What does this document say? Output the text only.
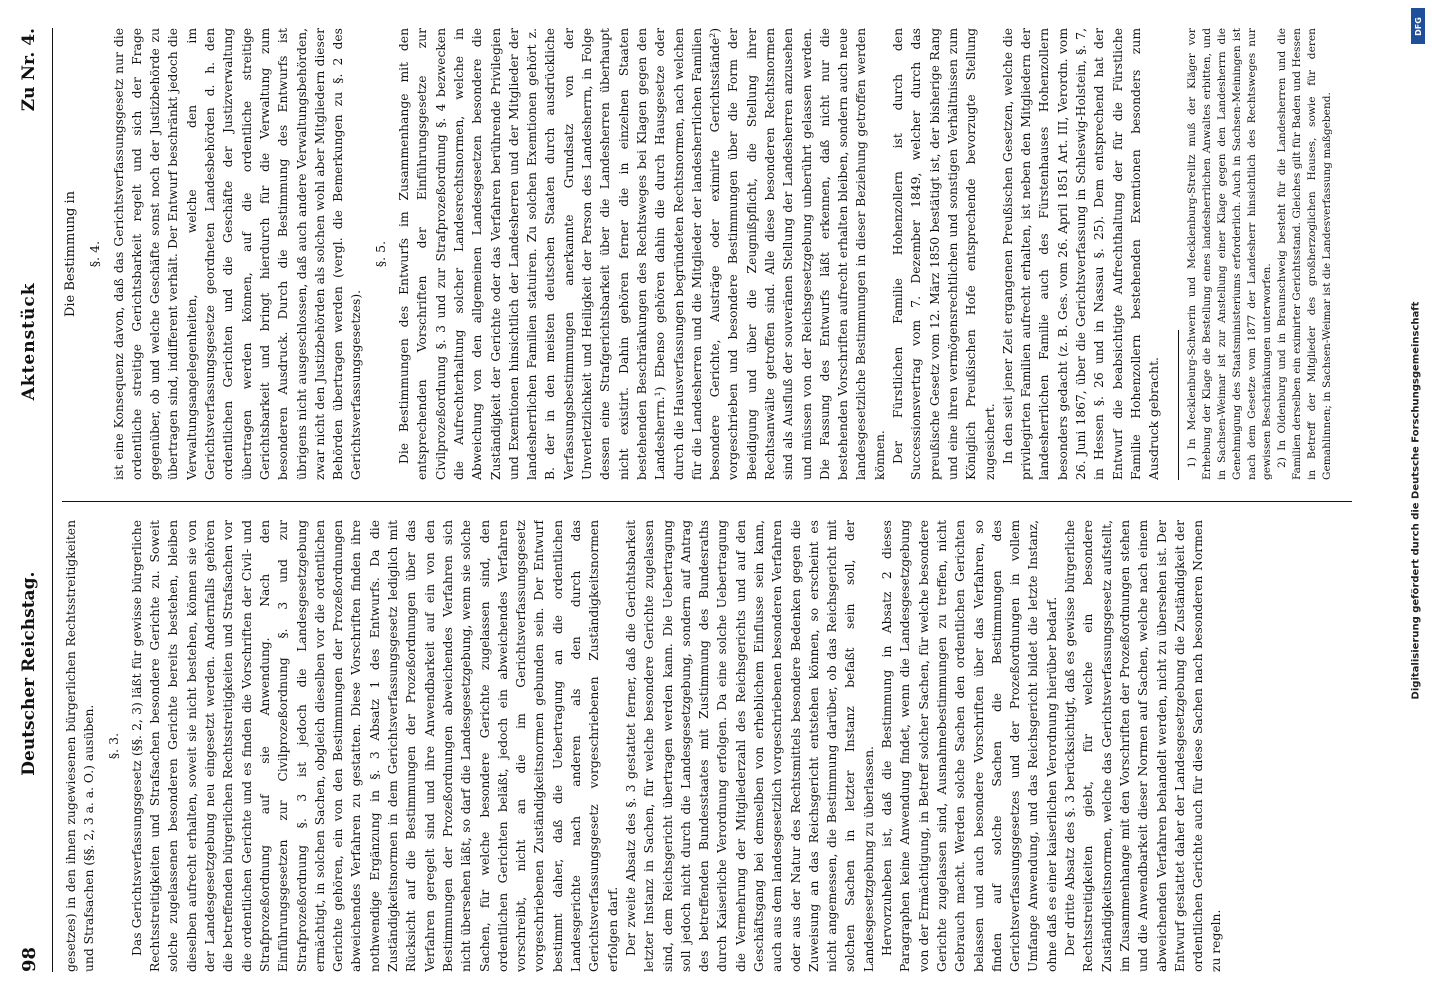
98
Deutscher Reichstag.
Aktenstück
Zu Nr. 4.

gesetzes) in den ihnen zugewiesenen bürgerlichen Rechtsstreitigkeiten und Strafsachen (§§. 2, 3 a. a. O.) ausüben. §. 3. Das Gerichtsverfassungsgesetz (§§. 2, 3) läßt für gewisse bürgerliche Rechtsstreitigkeiten und Strafsachen besondere Gerichte zu. Soweit solche zugelassenen besonderen Gerichte bereits bestehen, bleiben dieselben aufrecht erhalten, soweit sie nicht bestehen, können sie von der Landesgesetzgebung neu eingesetzt werden. Andernfalls gehören die betreffenden bürgerlichen Rechtsstreitigkeiten und Strafsachen vor die ordentlichen Gerichte und es finden die Vorschriften der Civil- und Strafprozeßordnung auf sie Anwendung. Nach den Einführungsgesetzen zur Civilprozeßordnung §. 3 und zur Strafprozeßordnung §. 3 ist jedoch die Landesgesetzgebung ermächtigt, in solchen Sachen, obgleich dieselben vor die ordentlichen Gerichte gehören, ein von den Bestimmungen der Prozeßordnungen abweichendes Verfahren zu gestatten. Diese Vorschriften finden ihre nothwendige Ergänzung in §. 3 Absatz 1 des Entwurfs. Da die Zuständigkeitsnormen in dem Gerichtsverfassungsgesetz lediglich mit Rücksicht auf die Bestimmungen der Prozeßordnungen über das Verfahren geregelt sind und ihre Anwendbarkeit auf ein von den Bestimmungen der Prozeßordnungen abweichendes Verfahren sich nicht übersehen läßt, so darf die Landesgesetzgebung, wenn sie solche Sachen, für welche besondere Gerichte zugelassen sind, den ordentlichen Gerichten beläßt, jedoch ein abweichendes Verfahren vorschreibt, nicht an die im Gerichtsverfassungsgesetz vorgeschriebenen Zuständigkeitsnormen gebunden sein. Der Entwurf bestimmt daher, daß die Uebertragung an die ordentlichen Landesgerichte nach anderen als den durch das Gerichtsverfassungsgesetz vorgeschriebenen Zuständigkeitsnormen erfolgen darf. Der zweite Absatz des §. 3 gestattet ferner, daß die Gerichtsbarkeit letzter Instanz in Sachen, für welche besondere Gerichte zugelassen sind, dem Reichsgericht übertragen werden kann. Die Uebertragung soll jedoch nicht durch die Landesgesetzgebung, sondern auf Antrag des betreffenden Bundesstaates mit Zustimmung des Bundesraths durch Kaiserliche Verordnung erfolgen. Da eine solche Uebertragung die Vermehrung der Mitgliederzahl des Reichsgerichts und auf den Geschäftsgang bei demselben von erheblichem Einflusse sein kann, auch aus dem landesgesetzlich vorgeschriebenen besonderen Verfahren oder aus der Natur des Rechtsmittels besondere Bedenken gegen die Zuweisung an das Reichsgericht entstehen können, so erscheint es nicht angemessen, die Bestimmung darüber, ob das Reichsgericht mit solchen Sachen in letzter Instanz befaßt sein soll, der Landesgesetzgebung zu überlassen. Hervorzuheben ist, daß die Bestimmung in Absatz 2 dieses Paragraphen keine Anwendung findet, wenn die Landesgesetzgebung von der Ermächtigung, in Betreff solcher Sachen, für welche besondere Gerichte zugelassen sind, Ausnahmebestimmungen zu treffen, nicht Gebrauch macht. Werden solche Sachen den ordentlichen Gerichten belassen und auch besondere Vorschriften über das Verfahren, so finden auf solche Sachen die Bestimmungen des Gerichtsverfassungsgesetzes und der Prozeßordnungen in vollem Umfange Anwendung, und das Reichsgericht bildet die letzte Instanz, ohne daß es einer kaiserlichen Verordnung hierüber bedarf. Der dritte Absatz des §. 3 berücksichtigt, daß es gewisse bürgerliche Rechtsstreitigkeiten giebt, für welche ein besondere Zuständigkeitsnormen, welche das Gerichtsverfassungsgesetz aufstellt, im Zusammenhange mit den Vorschriften der Prozeßordnungen stehen und die Anwendbarkeit dieser Normen auf Sachen, welche nach einem abweichenden Verfahren behandelt werden, nicht zu übersehen ist. Der Entwurf gestattet daher der Landesgesetzgebung die Zuständigkeit der ordentlichen Gerichte auch für diese Sachen nach besonderen Normen zu regeln.

Die Bestimmung in §. 4. ist eine Konsequenz davon, daß das Gerichtsverfassungsgesetz nur die ordentliche streitige Gerichtsbarkeit regelt und sich der Frage gegenüber, ob und welche Geschäfte sonst noch der Justizbehörde zu übertragen sind, indifferent verhält. Der Entwurf beschränkt jedoch die Verwaltungsangelegenheiten, welche den im Gerichtsverfassungsgesetze geordneten Landesbehörden d. h. den ordentlichen Gerichten und die Geschäfte der Justizverwaltung übertragen werden können, auf die ordentliche streitige Gerichtsbarkeit und bringt hierdurch für die Verwaltung zum besonderen Ausdruck. Durch die Bestimmung des Entwurfs ist übrigens nicht ausgeschlossen, daß auch andere Verwaltungsbehörden, zwar nicht den Justizbehörden als solchen wohl aber Mitgliedern dieser Behörden übertragen werden (vergl. die Bemerkungen zu §. 2 des Gerichtsverfassungsgesetzes).

§. 5. Die Bestimmungen des Entwurfs im Zusammenhange mit den entsprechenden Vorschriften der Einführungsgesetze zur Civilprozeßordnung §. 3 und zur Strafprozeßordnung §. 4 bezwecken die Aufrechterhaltung solcher Landesrechtsnormen, welche in Abweichung von den allgemeinen Landesgesetzen besondere die Zuständigkeit der Gerichte oder das Verfahren berührende Privilegien und Exemtionen hinsichtlich der Landesherren und der Mitglieder der landesherrlichen Familien statuiren. Zu solchen Exemtionen gehört z. B. der in den meisten deutschen Staaten durch ausdrückliche Verfassungsbestimmungen anerkannte Grundsatz von der Unverletzlichkeit und Heiligkeit der Person des Landesherrn, in Folge dessen eine Strafgerichtsbarkeit über die Landesherren überhaupt nicht existirt. Dahin gehören ferner die in einzelnen Staaten bestehenden Beschränkungen des Rechtsweges bei Klagen gegen den Landesherrn.¹) Ebenso gehören dahin die durch Hausgesetze oder durch die Hausverfassungen begründeten Rechtsnormen, nach welchen für die Landesherren und die Mitglieder der landesherrlichen Familien besondere Gerichte, Austräge oder eximirte Gerichtsstände²) vorgeschrieben und besondere Bestimmungen über die Form der Beeidigung und über die Zeugnißpflicht, die Stellung ihrer Rechtsanwälte getroffen sind. Alle diese besonderen Rechtsnormen sind als Ausfluß der souveränen Stellung der Landesherren anzusehen und müssen von der Reichsgesetzgebung unberührt gelassen werden. Die Fassung des Entwurfs läßt erkennen, daß nicht nur die bestehenden Vorschriften aufrecht erhalten bleiben, sondern auch neue landesgesetzliche Bestimmungen in dieser Beziehung getroffen werden können. Der Fürstlichen Familie Hohenzollern ist durch den Successionsvertrag vom 7. Dezember 1849, welcher durch das preußische Gesetz vom 12. März 1850 bestätigt ist, der bisherige Rang und eine ihren vermögensrechtlichen und sonstigen Verhältnissen zum Königlich Preußischen Hofe entsprechende bevorzugte Stellung zugesichert. In den seit jener Zeit ergangenen Preußischen Gesetzen, welche die privilegirten Familien aufrecht erhalten, ist neben den Mitgliedern der landesherrlichen Familie auch des Fürstenhauses Hohenzollern besonders gedacht (z. B. Ges. vom 26. April 1851 Art. III, Verordn. vom 26. Juni 1867, über die Gerichtsverfassung in Schleswig-Holstein, §. 7, in Hessen §. 26 und in Nassau §. 25). Dem entsprechend hat der Entwurf die beabsichtigte Aufrechthaltung der für die Fürstliche Familie Hohenzollern bestehenden Exemtionen besonders zum Ausdruck gebracht. 1) In Mecklenburg-Schwerin und Mecklenburg-Strelitz muß der Kläger vor Erhebung der Klage die Bestellung eines landesherrlichen Anwaltes erbitten, und in Sachsen-Weimar ist zur Anstellung einer Klage gegen den Landesherrn die Genehmigung des Staatsministeriums erforderlich. Auch in Sachsen-Meiningen ist nach dem Gesetze vom 1877 der Landesherr hinsichtlich des Rechtsweges nur gewissen Beschränkungen unterworfen. 2) In Oldenburg und in Braunschweig besteht für die Landesherren und die Familien derselben ein eximirter Gerichtsstand. Gleiches gilt für Baden und Hessen in Betreff der Mitglieder des großherzoglichen Hauses, sowie für deren Gemahlinnen; in Sachsen-Weimar ist die Landesverfassung maßgebend.

Digitalisierung gefördert durch die Deutsche Forschungsgemeinschaft
DFG
